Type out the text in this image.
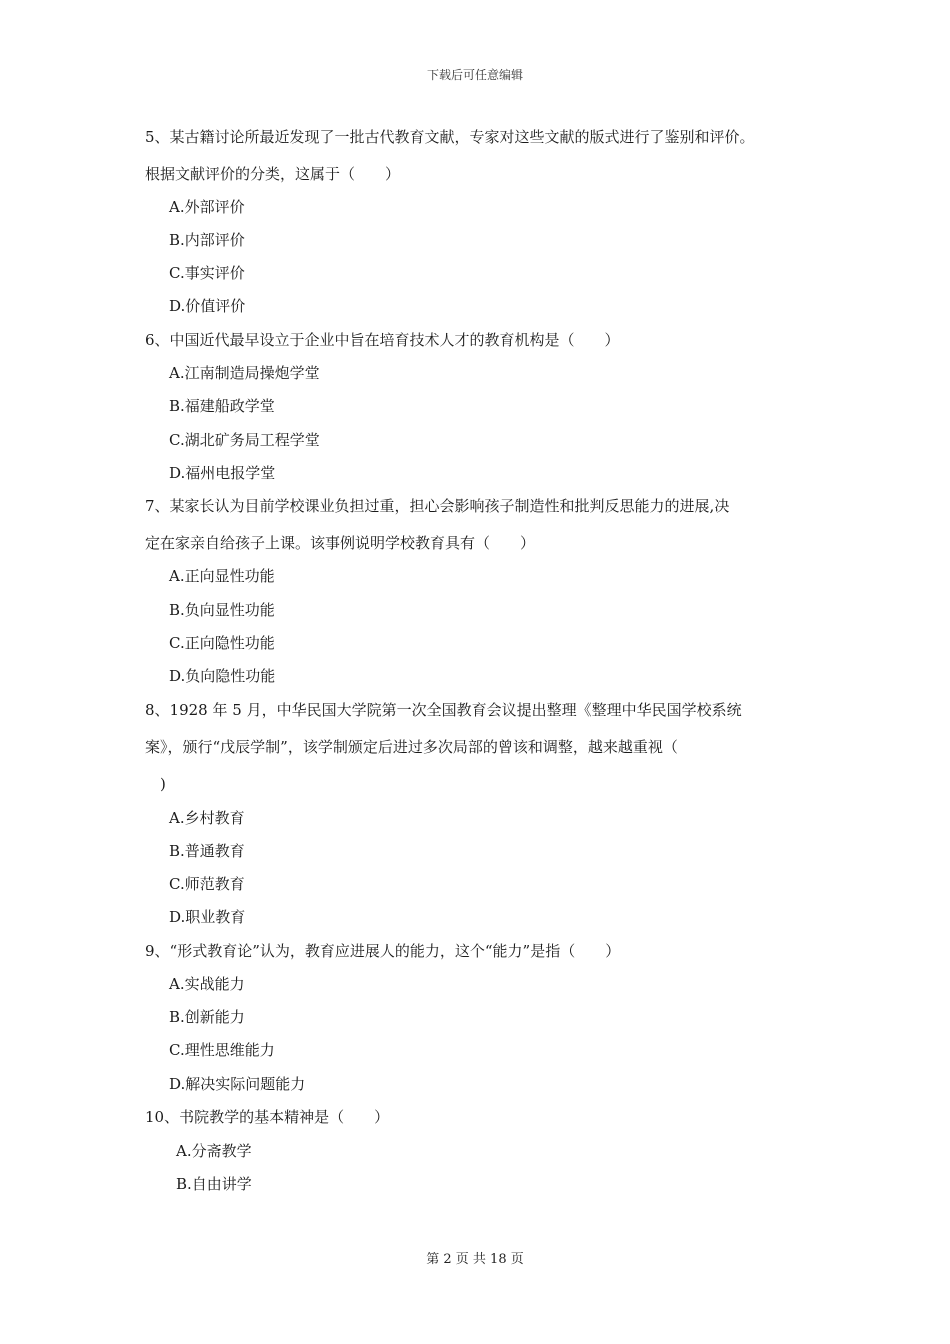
下载后可任意编辑
5、某古籍讨论所最近发现了一批古代教育文献，专家对这些文献的版式进行了鉴别和评价。
根据文献评价的分类，这属于（　　）
A.外部评价
B.内部评价
C.事实评价
D.价值评价
6、中国近代最早设立于企业中旨在培育技术人才的教育机构是（　　）
A.江南制造局操炮学堂
B.福建船政学堂
C.湖北矿务局工程学堂
D.福州电报学堂
7、某家长认为目前学校课业负担过重，担心会影响孩子制造性和批判反思能力的进展,决
定在家亲自给孩子上课。该事例说明学校教育具有（　　）
A.正向显性功能
B.负向显性功能
C.正向隐性功能
D.负向隐性功能
8、1928 年 5 月，中华民国大学院第一次全国教育会议提出整理《整理中华民国学校系统
案》，颁行“戊辰学制”，该学制颁定后进过多次局部的曾该和调整，越来越重视（
　)
A.乡村教育
B.普通教育
C.师范教育
D.职业教育
9、“形式教育论”认为，教育应进展人的能力，这个“能力”是指（　　）
A.实战能力
B.创新能力
C.理性思维能力
D.解决实际问题能力
10、书院教学的基本精神是（　　）
A.分斋教学
B.自由讲学
第 2 页 共 18 页
